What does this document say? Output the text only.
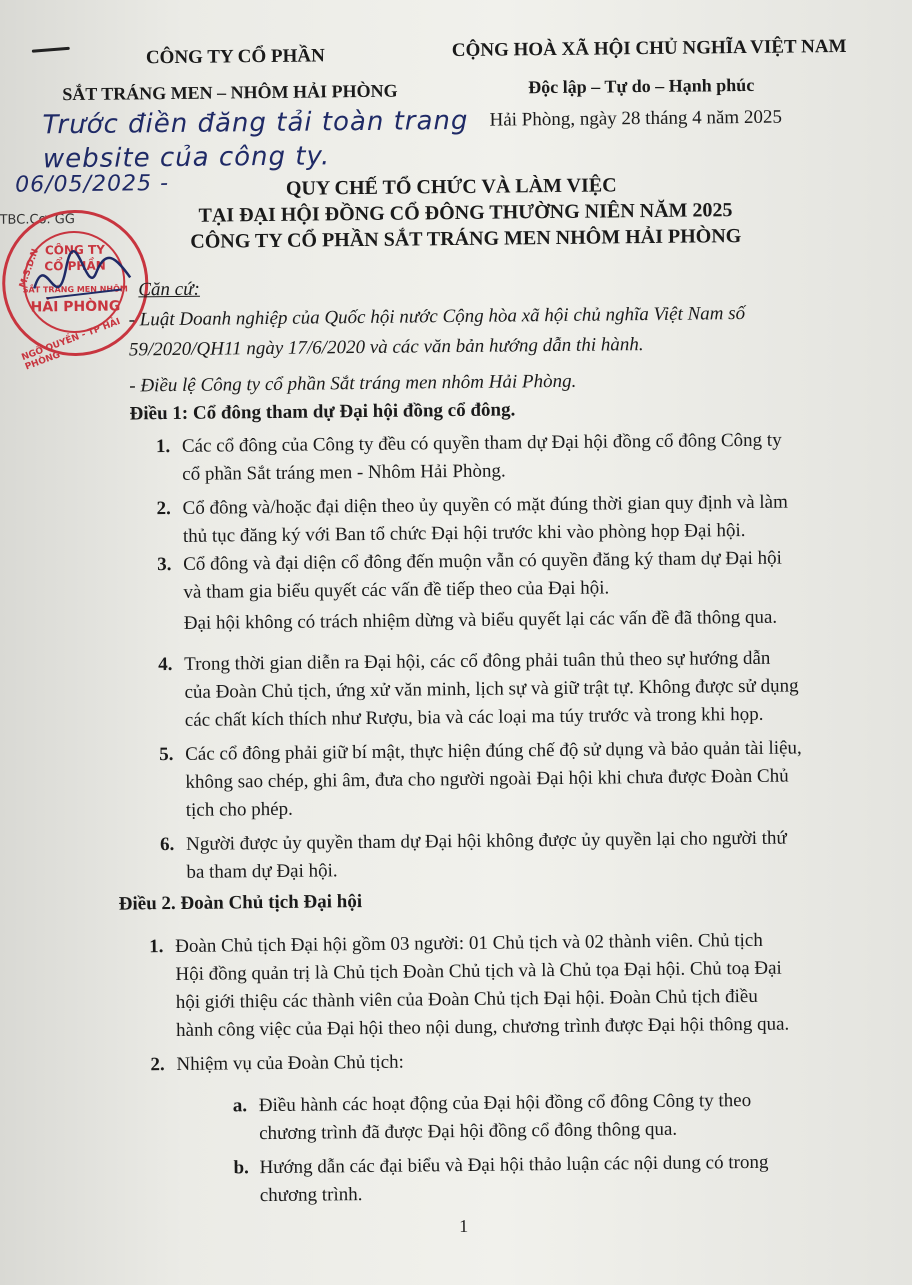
CÔNG TY CỔ PHẦN
SẮT TRÁNG MEN – NHÔM HẢI PHÒNG
CỘNG HOÀ XÃ HỘI CHỦ NGHĨA VIỆT NAM
Độc lập – Tự do – Hạnh phúc
Hải Phòng, ngày 28 tháng 4 năm 2025
Trước điền đăng tải toàn trang
website của công ty.
06/05/2025 -	QUY CHẾ TỔ CHỨC VÀ LÀM VIỆC
TẠI ĐẠI HỘI ĐỒNG CỔ ĐÔNG THƯỜNG NIÊN NĂM 2025
CÔNG TY CỔ PHẦN SẮT TRÁNG MEN NHÔM HẢI PHÒNG
TBC.Cơ. GG
CÔNG TY
CỔ PHẦN
SẮT TRÁNG MEN NHÔM
HẢI PHÒNG
M.S.D.N
NGÔ QUYỀN - TP HẢI PHÒNG
Căn cứ:
- Luật Doanh nghiệp của Quốc hội nước Cộng hòa xã hội chủ nghĩa Việt Nam số
59/2020/QH11 ngày 17/6/2020 và các văn bản hướng dẫn thi hành.
- Điều lệ Công ty cổ phần Sắt tráng men nhôm Hải Phòng.
Điều 1: Cổ đông tham dự Đại hội đồng cổ đông.
1. Các cổ đông của Công ty đều có quyền tham dự Đại hội đồng cổ đông Công ty
cổ phần Sắt tráng men - Nhôm Hải Phòng.
2. Cổ đông và/hoặc đại diện theo ủy quyền có mặt đúng thời gian quy định và làm
thủ tục đăng ký với Ban tổ chức Đại hội trước khi vào phòng họp Đại hội.
3. Cổ đông và đại diện cổ đông đến muộn vẫn có quyền đăng ký tham dự Đại hội
và tham gia biểu quyết các vấn đề tiếp theo của Đại hội.
Đại hội không có trách nhiệm dừng và biểu quyết lại các vấn đề đã thông qua.
4. Trong thời gian diễn ra Đại hội, các cổ đông phải tuân thủ theo sự hướng dẫn
của Đoàn Chủ tịch, ứng xử văn minh, lịch sự và giữ trật tự. Không được sử dụng
các chất kích thích như Rượu, bia và các loại ma túy trước và trong khi họp.
5. Các cổ đông phải giữ bí mật, thực hiện đúng chế độ sử dụng và bảo quản tài liệu,
không sao chép, ghi âm, đưa cho người ngoài Đại hội khi chưa được Đoàn Chủ
tịch cho phép.
6. Người được ủy quyền tham dự Đại hội không được ủy quyền lại cho người thứ
ba tham dự Đại hội.
Điều 2. Đoàn Chủ tịch Đại hội
1. Đoàn Chủ tịch Đại hội gồm 03 người: 01 Chủ tịch và 02 thành viên. Chủ tịch
Hội đồng quản trị là Chủ tịch Đoàn Chủ tịch và là Chủ tọa Đại hội. Chủ toạ Đại
hội giới thiệu các thành viên của Đoàn Chủ tịch Đại hội. Đoàn Chủ tịch điều
hành công việc của Đại hội theo nội dung, chương trình được Đại hội thông qua.
2. Nhiệm vụ của Đoàn Chủ tịch:
a. Điều hành các hoạt động của Đại hội đồng cổ đông Công ty theo
chương trình đã được Đại hội đồng cổ đông thông qua.
b. Hướng dẫn các đại biểu và Đại hội thảo luận các nội dung có trong
chương trình.
1
